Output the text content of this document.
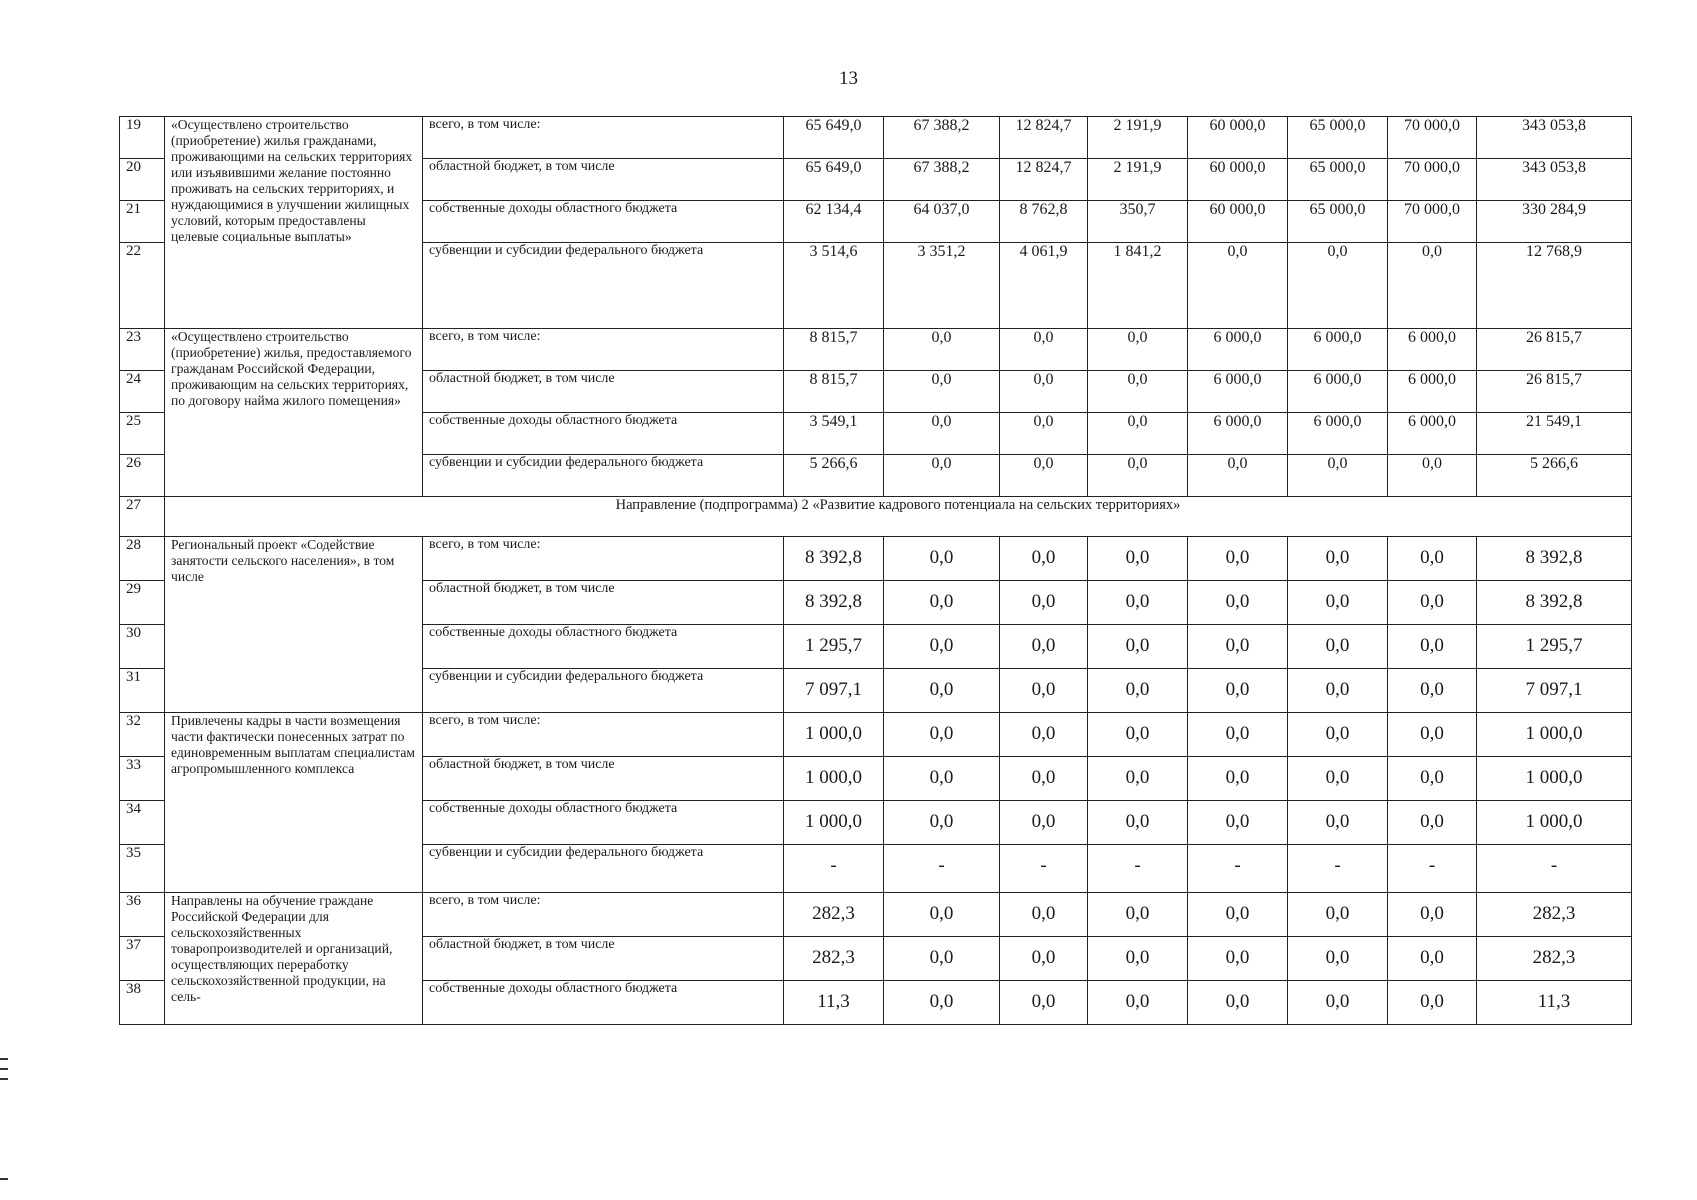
13
19	«Осуществлено строительство (приобретение) жилья гражданами, проживающими на сельских территориях или изъявившими желание постоянно проживать на сельских территориях, и нуждающимися в улучшении жилищных условий, которым предоставлены целевые социальные выплаты»	всего, в том числе:	65 649,0	67 388,2	12 824,7	2 191,9	60 000,0	65 000,0	70 000,0	343 053,8
20		областной бюджет, в том числе	65 649,0	67 388,2	12 824,7	2 191,9	60 000,0	65 000,0	70 000,0	343 053,8
21		собственные доходы областного бюджета	62 134,4	64 037,0	8 762,8	350,7	60 000,0	65 000,0	70 000,0	330 284,9
22		субвенции и субсидии федерального бюджета	3 514,6	3 351,2	4 061,9	1 841,2	0,0	0,0	0,0	12 768,9
23	«Осуществлено строительство (приобретение) жилья, предоставляемого гражданам Российской Федерации, проживающим на сельских территориях, по договору найма жилого помещения»	всего, в том числе:	8 815,7	0,0	0,0	0,0	6 000,0	6 000,0	6 000,0	26 815,7
24		областной бюджет, в том числе	8 815,7	0,0	0,0	0,0	6 000,0	6 000,0	6 000,0	26 815,7
25		собственные доходы областного бюджета	3 549,1	0,0	0,0	0,0	6 000,0	6 000,0	6 000,0	21 549,1
26		субвенции и субсидии федерального бюджета	5 266,6	0,0	0,0	0,0	0,0	0,0	0,0	5 266,6
27	Направление (подпрограмма) 2 «Развитие кадрового потенциала на сельских территориях»									
28	Региональный проект «Содействие занятости сельского населения», в том числе	всего, в том числе:	8 392,8	0,0	0,0	0,0	0,0	0,0	0,0	8 392,8
29		областной бюджет, в том числе	8 392,8	0,0	0,0	0,0	0,0	0,0	0,0	8 392,8
30		собственные доходы областного бюджета	1 295,7	0,0	0,0	0,0	0,0	0,0	0,0	1 295,7
31		субвенции и субсидии федерального бюджета	7 097,1	0,0	0,0	0,0	0,0	0,0	0,0	7 097,1
32	Привлечены кадры в части возмещения части фактически понесенных затрат по единовременным выплатам специалистам агропромышленного комплекса	всего, в том числе:	1 000,0	0,0	0,0	0,0	0,0	0,0	0,0	1 000,0
33		областной бюджет, в том числе	1 000,0	0,0	0,0	0,0	0,0	0,0	0,0	1 000,0
34		собственные доходы областного бюджета	1 000,0	0,0	0,0	0,0	0,0	0,0	0,0	1 000,0
35		субвенции и субсидии федерального бюджета	-	-	-	-	-	-	-	-
36	Направлены на обучение граждане Российской Федерации для сельскохозяйственных товаропроизводителей и организаций, осуществляющих переработку сельскохозяйственной продукции, на сель-	всего, в том числе:	282,3	0,0	0,0	0,0	0,0	0,0	0,0	282,3
37		областной бюджет, в том числе	282,3	0,0	0,0	0,0	0,0	0,0	0,0	282,3
38		собственные доходы областного бюджета	11,3	0,0	0,0	0,0	0,0	0,0	0,0	11,3
